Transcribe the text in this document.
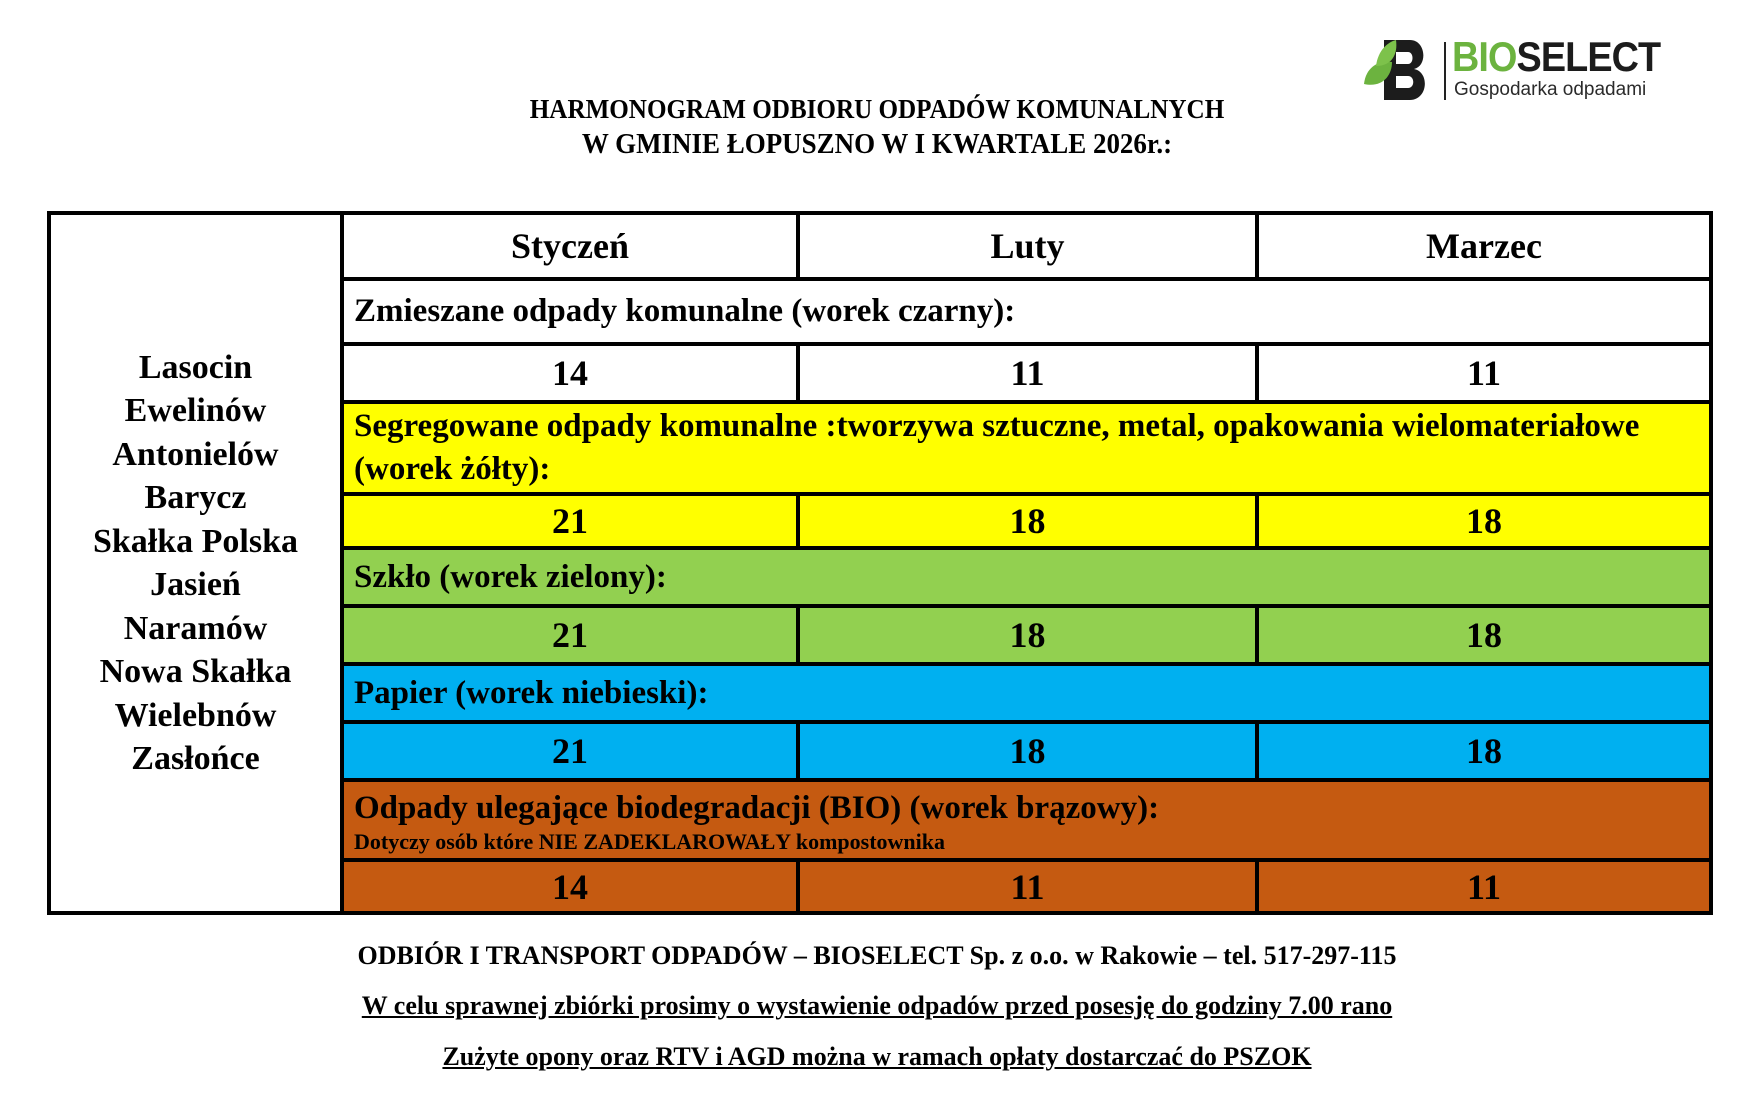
BIOSELECT
Gospodarka odpadami
HARMONOGRAM ODBIORU ODPADÓW KOMUNALNYCH
W GMINIE ŁOPUSZNO W I KWARTALE 2026r.:
Lasocin
Ewelinów
Antonielów
Barycz
Skałka Polska
Jasień
Naramów
Nowa Skałka
Wielebnów
Zasłońce
Styczeń	Luty	Marzec
Zmieszane odpady komunalne (worek czarny):
14	11	11
Segregowane odpady komunalne :tworzywa sztuczne, metal, opakowania wielomateriałowe (worek żółty):
21	18	18
Szkło (worek zielony):
21	18	18
Papier (worek niebieski):
21	18	18
Odpady ulegające biodegradacji (BIO) (worek brązowy):
Dotyczy osób które NIE ZADEKLAROWAŁY kompostownika
14	11	11
ODBIÓR I TRANSPORT ODPADÓW – BIOSELECT Sp. z o.o. w Rakowie – tel. 517-297-115
W celu sprawnej zbiórki prosimy o wystawienie odpadów przed posesję do godziny 7.00 rano
Zużyte opony oraz RTV i AGD można w ramach opłaty dostarczać do PSZOK
